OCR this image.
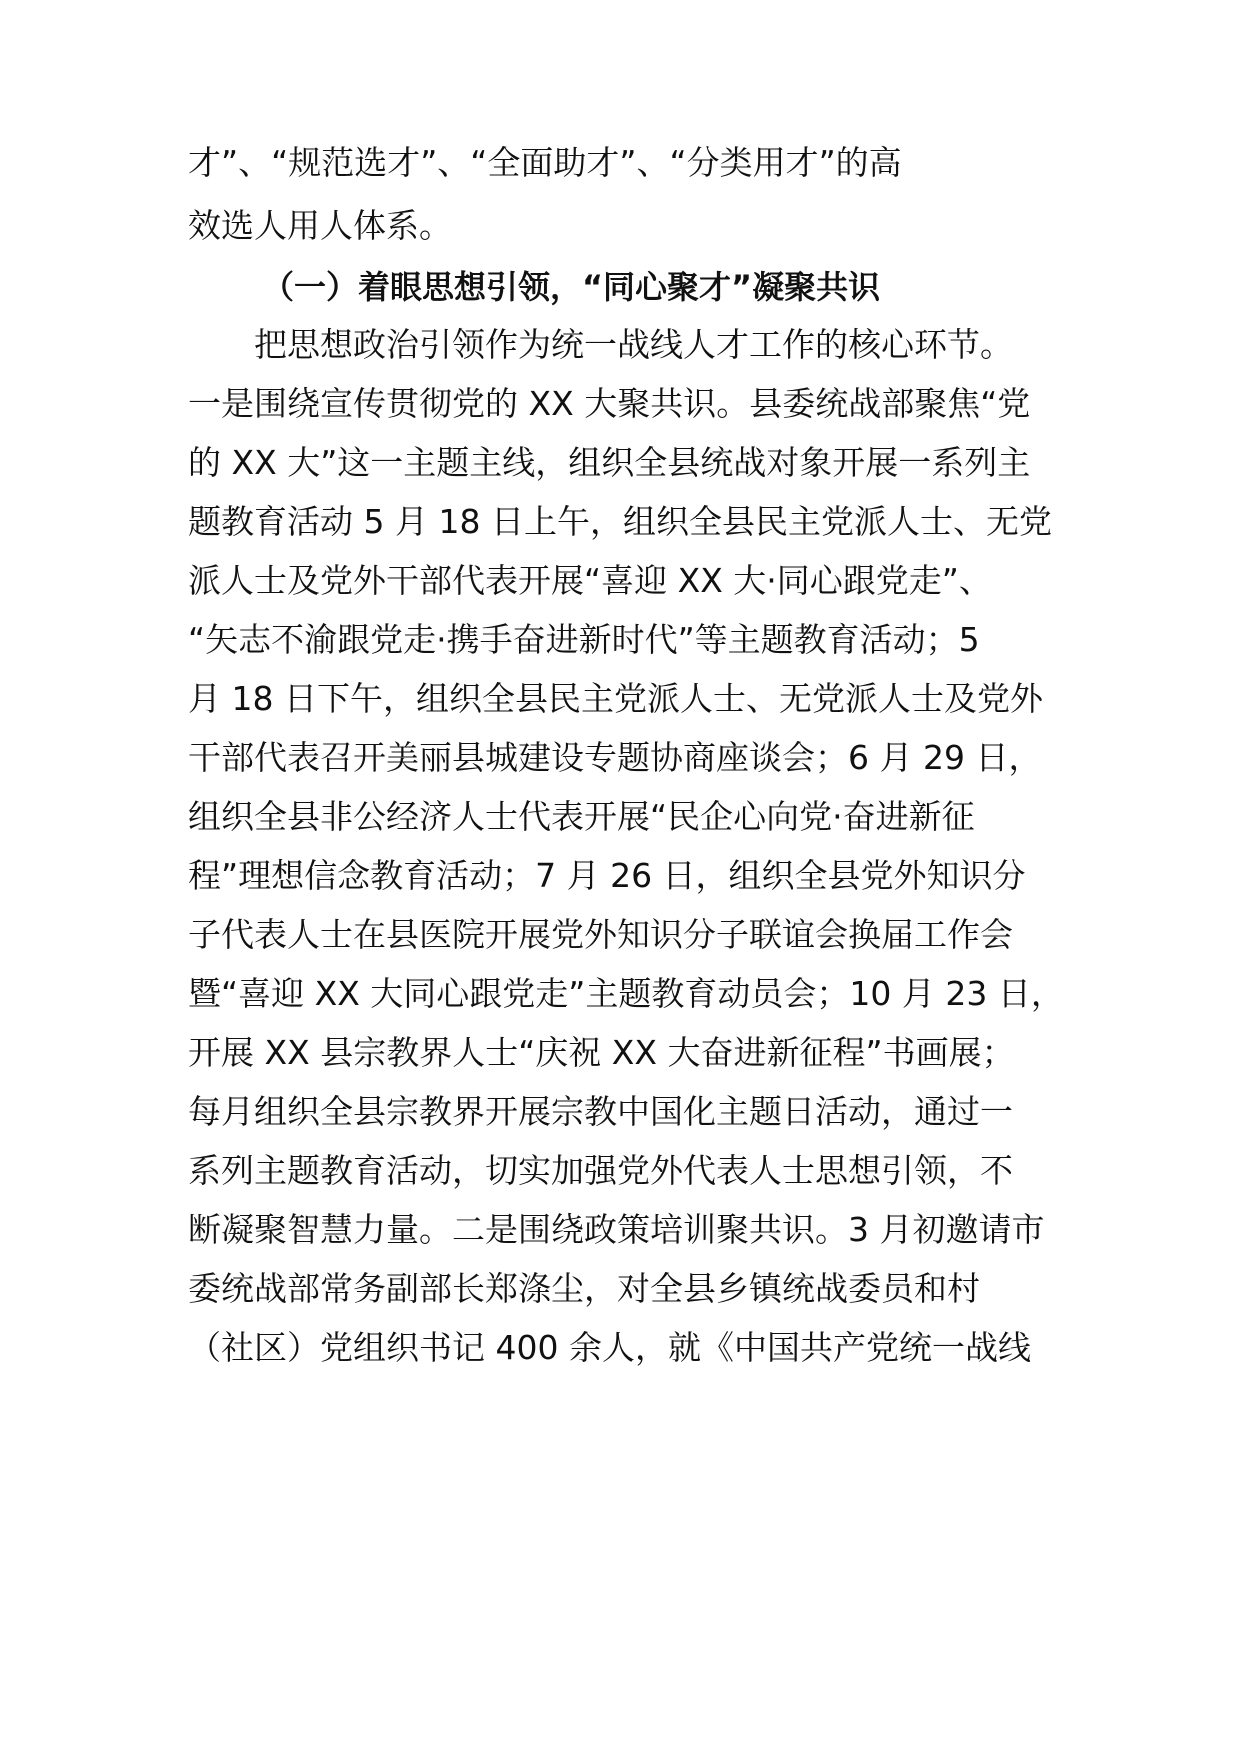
才”、“规范选才”、“全面助才”、“分类用才”的高
效选人用人体系。
（一）着眼思想引领，“同心聚才”凝聚共识
把思想政治引领作为统一战线人才工作的核心环节。
一是围绕宣传贯彻党的 XX 大聚共识。县委统战部聚焦“党
的 XX 大”这一主题主线，组织全县统战对象开展一系列主
题教育活动 5 月 18 日上午，组织全县民主党派人士、无党
派人士及党外干部代表开展“喜迎 XX 大·同心跟党走”、
“矢志不渝跟党走·携手奋进新时代”等主题教育活动；5
月 18 日下午，组织全县民主党派人士、无党派人士及党外
干部代表召开美丽县城建设专题协商座谈会；6 月 29 日，
组织全县非公经济人士代表开展“民企心向党·奋进新征
程”理想信念教育活动；7 月 26 日，组织全县党外知识分
子代表人士在县医院开展党外知识分子联谊会换届工作会
暨“喜迎 XX 大同心跟党走”主题教育动员会；10 月 23 日，
开展 XX 县宗教界人士“庆祝 XX 大奋进新征程”书画展；
每月组织全县宗教界开展宗教中国化主题日活动，通过一
系列主题教育活动，切实加强党外代表人士思想引领，不
断凝聚智慧力量。二是围绕政策培训聚共识。3 月初邀请市
委统战部常务副部长郑涤尘，对全县乡镇统战委员和村
（社区）党组织书记 400 余人，就《中国共产党统一战线
